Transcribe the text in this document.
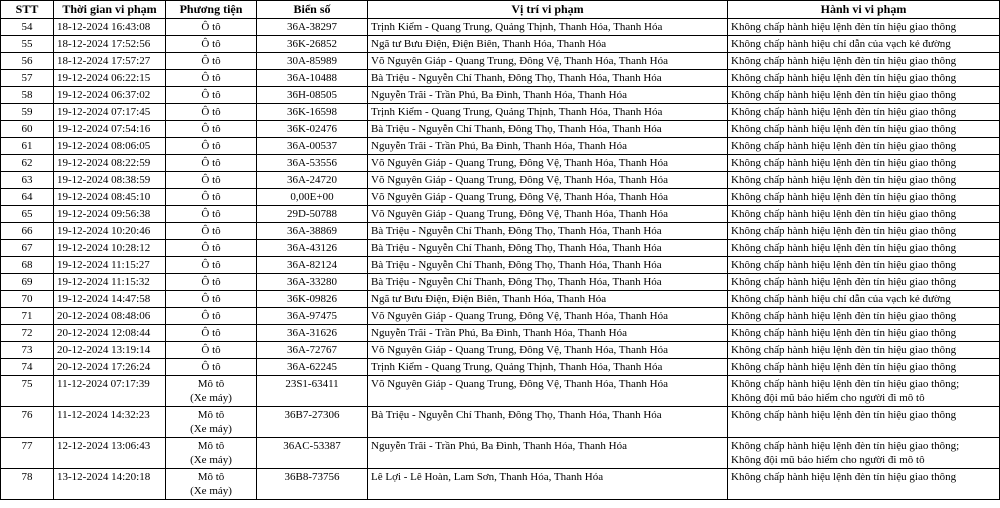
STT	Thời gian vi phạm	Phương tiện	Biển số	Vị trí vi phạm	Hành vi vi phạm
54	18-12-2024 16:43:08	Ô tô	36A-38297	Trịnh Kiểm - Quang Trung, Quảng Thịnh, Thanh Hóa, Thanh Hóa	Không chấp hành hiệu lệnh đèn tín hiệu giao thông

55	18-12-2024 17:52:56	Ô tô	36K-26852	Ngã tư Bưu Điện, Điện Biên, Thanh Hóa, Thanh Hóa	Không chấp hành hiệu chỉ dẫn của vạch kẻ đường

56	18-12-2024 17:57:27	Ô tô	30A-85989	Võ Nguyên Giáp - Quang Trung, Đông Vệ, Thanh Hóa, Thanh Hóa	Không chấp hành hiệu lệnh đèn tín hiệu giao thông

57	19-12-2024 06:22:15	Ô tô	36A-10488	Bà Triệu - Nguyễn Chí Thanh, Đông Thọ, Thanh Hóa, Thanh Hóa	Không chấp hành hiệu lệnh đèn tín hiệu giao thông

58	19-12-2024 06:37:02	Ô tô	36H-08505	Nguyễn Trãi - Trần Phú, Ba Đình, Thanh Hóa, Thanh Hóa	Không chấp hành hiệu lệnh đèn tín hiệu giao thông

59	19-12-2024 07:17:45	Ô tô	36K-16598	Trịnh Kiểm - Quang Trung, Quảng Thịnh, Thanh Hóa, Thanh Hóa	Không chấp hành hiệu lệnh đèn tín hiệu giao thông

60	19-12-2024 07:54:16	Ô tô	36K-02476	Bà Triệu - Nguyễn Chí Thanh, Đông Thọ, Thanh Hóa, Thanh Hóa	Không chấp hành hiệu lệnh đèn tín hiệu giao thông

61	19-12-2024 08:06:05	Ô tô	36A-00537	Nguyễn Trãi - Trần Phú, Ba Đình, Thanh Hóa, Thanh Hóa	Không chấp hành hiệu lệnh đèn tín hiệu giao thông

62	19-12-2024 08:22:59	Ô tô	36A-53556	Võ Nguyên Giáp - Quang Trung, Đông Vệ, Thanh Hóa, Thanh Hóa	Không chấp hành hiệu lệnh đèn tín hiệu giao thông

63	19-12-2024 08:38:59	Ô tô	36A-24720	Võ Nguyên Giáp - Quang Trung, Đông Vệ, Thanh Hóa, Thanh Hóa	Không chấp hành hiệu lệnh đèn tín hiệu giao thông

64	19-12-2024 08:45:10	Ô tô	0,00E+00	Võ Nguyên Giáp - Quang Trung, Đông Vệ, Thanh Hóa, Thanh Hóa	Không chấp hành hiệu lệnh đèn tín hiệu giao thông

65	19-12-2024 09:56:38	Ô tô	29D-50788	Võ Nguyên Giáp - Quang Trung, Đông Vệ, Thanh Hóa, Thanh Hóa	Không chấp hành hiệu lệnh đèn tín hiệu giao thông

66	19-12-2024 10:20:46	Ô tô	36A-38869	Bà Triệu - Nguyễn Chí Thanh, Đông Thọ, Thanh Hóa, Thanh Hóa	Không chấp hành hiệu lệnh đèn tín hiệu giao thông

67	19-12-2024 10:28:12	Ô tô	36A-43126	Bà Triệu - Nguyễn Chí Thanh, Đông Thọ, Thanh Hóa, Thanh Hóa	Không chấp hành hiệu lệnh đèn tín hiệu giao thông

68	19-12-2024 11:15:27	Ô tô	36A-82124	Bà Triệu - Nguyễn Chí Thanh, Đông Thọ, Thanh Hóa, Thanh Hóa	Không chấp hành hiệu lệnh đèn tín hiệu giao thông

69	19-12-2024 11:15:32	Ô tô	36A-33280	Bà Triệu - Nguyễn Chí Thanh, Đông Thọ, Thanh Hóa, Thanh Hóa	Không chấp hành hiệu lệnh đèn tín hiệu giao thông

70	19-12-2024 14:47:58	Ô tô	36K-09826	Ngã tư Bưu Điện, Điện Biên, Thanh Hóa, Thanh Hóa	Không chấp hành hiệu chỉ dẫn của vạch kẻ đường

71	20-12-2024 08:48:06	Ô tô	36A-97475	Võ Nguyên Giáp - Quang Trung, Đông Vệ, Thanh Hóa, Thanh Hóa	Không chấp hành hiệu lệnh đèn tín hiệu giao thông

72	20-12-2024 12:08:44	Ô tô	36A-31626	Nguyễn Trãi - Trần Phú, Ba Đình, Thanh Hóa, Thanh Hóa	Không chấp hành hiệu lệnh đèn tín hiệu giao thông

73	20-12-2024 13:19:14	Ô tô	36A-72767	Võ Nguyên Giáp - Quang Trung, Đông Vệ, Thanh Hóa, Thanh Hóa	Không chấp hành hiệu lệnh đèn tín hiệu giao thông

74	20-12-2024 17:26:24	Ô tô	36A-62245	Trịnh Kiểm - Quang Trung, Quảng Thịnh, Thanh Hóa, Thanh Hóa	Không chấp hành hiệu lệnh đèn tín hiệu giao thông

75	11-12-2024 07:17:39	Mô tô
(Xe máy)	23S1-63411	Võ Nguyên Giáp - Quang Trung, Đông Vệ, Thanh Hóa, Thanh Hóa	Không chấp hành hiệu lệnh đèn tín hiệu giao thông;
Không đội mũ bảo hiểm cho người đi mô tô

76	11-12-2024 14:32:23	Mô tô
(Xe máy)	36B7-27306	Bà Triệu - Nguyễn Chí Thanh, Đông Thọ, Thanh Hóa, Thanh Hóa	Không chấp hành hiệu lệnh đèn tín hiệu giao thông

77	12-12-2024 13:06:43	Mô tô
(Xe máy)	36AC-53387	Nguyễn Trãi - Trần Phú, Ba Đình, Thanh Hóa, Thanh Hóa	Không chấp hành hiệu lệnh đèn tín hiệu giao thông;
Không đội mũ bảo hiểm cho người đi mô tô

78	13-12-2024 14:20:18	Mô tô
(Xe máy)	36B8-73756	Lê Lợi - Lê Hoàn, Lam Sơn, Thanh Hóa, Thanh Hóa	Không chấp hành hiệu lệnh đèn tín hiệu giao thông
